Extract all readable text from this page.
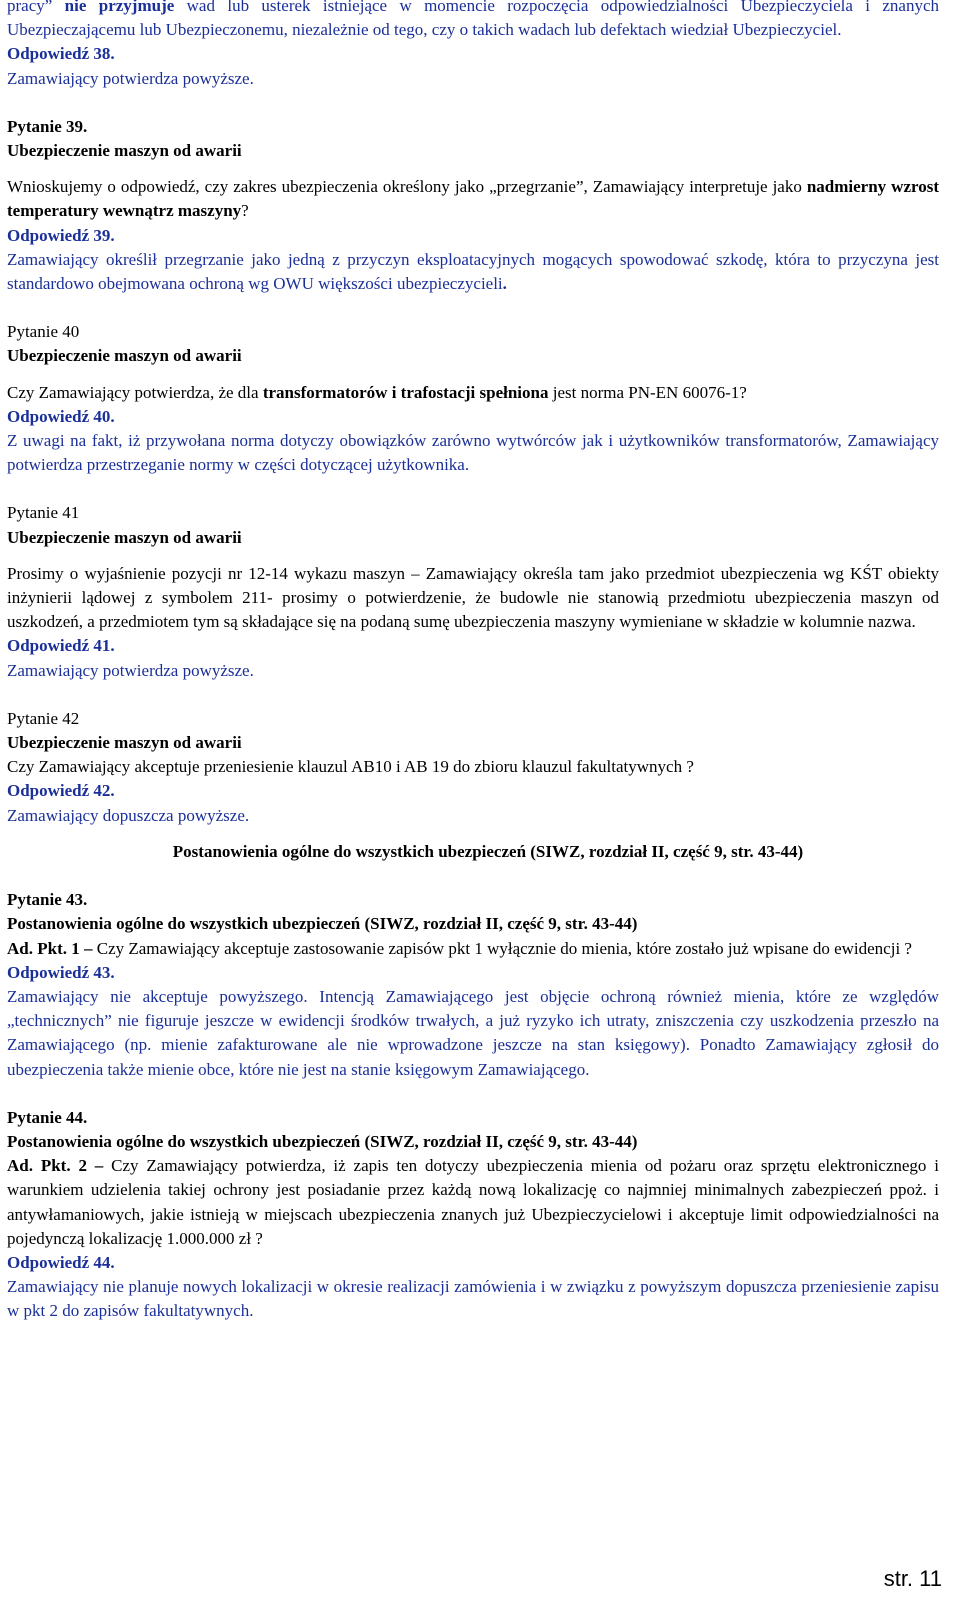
pracy” nie przyjmuje wad lub usterek istniejące w momencie rozpoczęcia odpowiedzialności Ubezpieczyciela i znanych Ubezpieczającemu lub Ubezpieczonemu, niezależnie od tego, czy o takich wadach lub defektach wiedział Ubezpieczyciel.

Odpowiedź 38.

Zamawiający potwierdza powyższe.

Pytanie 39.

Ubezpieczenie maszyn od awarii

Wnioskujemy o odpowiedź, czy zakres ubezpieczenia określony jako „przegrzanie”, Zamawiający interpretuje jako nadmierny wzrost temperatury wewnątrz maszyny?

Odpowiedź 39.

Zamawiający określił przegrzanie jako jedną z przyczyn eksploatacyjnych mogących spowodować szkodę, która to przyczyna jest standardowo obejmowana ochroną wg OWU większości ubezpieczycieli.

Pytanie 40

Ubezpieczenie maszyn od awarii

Czy Zamawiający potwierdza, że dla transformatorów i trafostacji spełniona jest norma PN-EN 60076-1?

Odpowiedź 40.

Z uwagi na fakt, iż przywołana norma dotyczy obowiązków zarówno wytwórców jak i użytkowników transformatorów, Zamawiający potwierdza przestrzeganie normy w części dotyczącej użytkownika.

Pytanie 41

Ubezpieczenie maszyn od awarii

Prosimy o wyjaśnienie pozycji nr 12-14 wykazu maszyn – Zamawiający określa tam jako przedmiot ubezpieczenia wg KŚT obiekty inżynierii lądowej z symbolem 211- prosimy o potwierdzenie, że budowle nie stanowią przedmiotu ubezpieczenia maszyn od uszkodzeń, a przedmiotem tym są składające się na podaną sumę ubezpieczenia maszyny wymieniane w składzie w kolumnie nazwa.

Odpowiedź 41.

Zamawiający potwierdza powyższe.

Pytanie 42

Ubezpieczenie maszyn od awarii

Czy Zamawiający akceptuje przeniesienie klauzul AB10 i AB 19 do zbioru klauzul fakultatywnych ?

Odpowiedź 42.

Zamawiający dopuszcza powyższe.

Postanowienia ogólne do wszystkich ubezpieczeń (SIWZ, rozdział II, część 9, str. 43-44)

Pytanie 43.

Postanowienia ogólne do wszystkich ubezpieczeń (SIWZ, rozdział II, część 9, str. 43-44)

Ad. Pkt. 1 – Czy Zamawiający akceptuje zastosowanie zapisów pkt 1 wyłącznie do mienia, które zostało już wpisane do ewidencji ?

Odpowiedź 43.

Zamawiający nie akceptuje powyższego. Intencją Zamawiającego jest objęcie ochroną również mienia, które ze względów „technicznych” nie figuruje jeszcze w ewidencji środków trwałych, a już ryzyko ich utraty, zniszczenia czy uszkodzenia przeszło na Zamawiającego (np. mienie zafakturowane ale nie wprowadzone jeszcze na stan księgowy). Ponadto Zamawiający zgłosił do ubezpieczenia także mienie obce, które nie jest na stanie księgowym Zamawiającego.

Pytanie 44.

Postanowienia ogólne do wszystkich ubezpieczeń (SIWZ, rozdział II, część 9, str. 43-44)

Ad. Pkt. 2 – Czy Zamawiający potwierdza, iż zapis ten dotyczy ubezpieczenia mienia od pożaru oraz sprzętu elektronicznego i warunkiem udzielenia takiej ochrony jest posiadanie przez każdą nową lokalizację co najmniej minimalnych zabezpieczeń ppoż. i antywłamaniowych, jakie istnieją w miejscach ubezpieczenia znanych już Ubezpieczycielowi i akceptuje limit odpowiedzialności na pojedynczą lokalizację 1.000.000 zł ?

Odpowiedź 44.

Zamawiający nie planuje nowych lokalizacji w okresie realizacji zamówienia i w związku z powyższym dopuszcza przeniesienie zapisu w pkt 2 do zapisów fakultatywnych.

str. 11
